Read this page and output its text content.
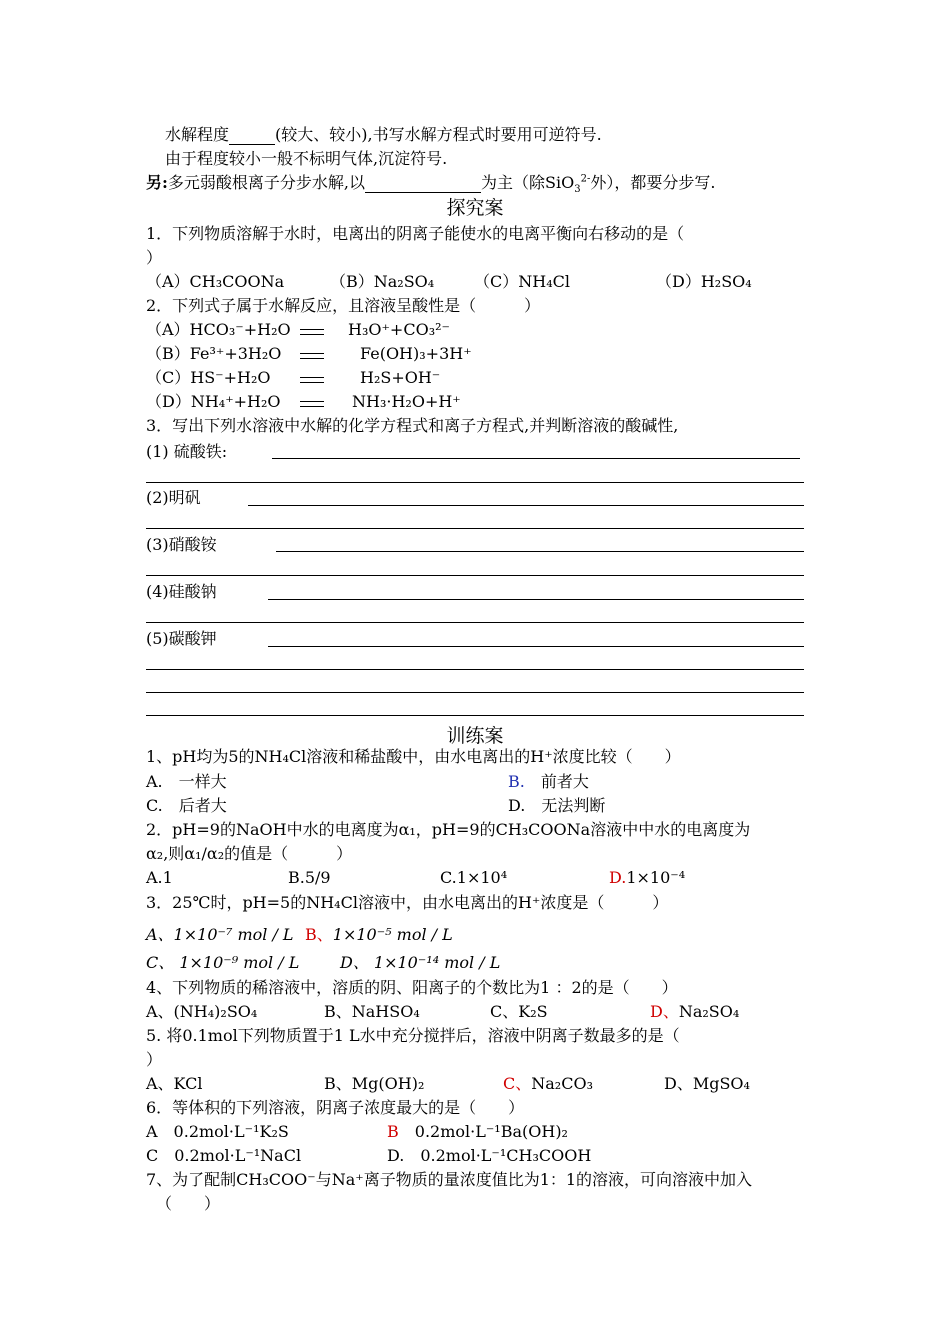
水解程度	(较大、较小),书写水解方程式时要用可逆符号.
由于程度较小一般不标明气体,沉淀符号.
另:多元弱酸根离子分步水解,以	为主（除SiO$_3^{2-}$外），都要分步写.
探究案
1．下列物质溶解于水时，电离出的阴离子能使水的电离平衡向右移动的是（
）
（A）CH₃COONa	（B）Na₂SO₄ （C）NH₄Cl	（D）H₂SO₄
2．下列式子属于水解反应，且溶液呈酸性是（　　　）
（A）HCO₃⁻+H₂O	H₃O⁺+CO₃²⁻
（B）Fe³⁺+3H₂O	Fe(OH)₃+3H⁺
（C）HS⁻+H₂O	H₂S+OH⁻
（D）NH₄⁺+H₂O	NH₃·H₂O+H⁺
3．写出下列水溶液中水解的化学方程式和离子方程式,并判断溶液的酸碱性,
(1) 硫酸铁:
(2)明矾
(3)硝酸铵
(4)硅酸钠
(5)碳酸钾
训练案
1、pH均为5的NH₄Cl溶液和稀盐酸中，由水电离出的H⁺浓度比较（　　）
A.　一样大	B.　前者大
C.　后者大	D.　无法判断
2．pH=9的NaOH中水的电离度为α₁，pH=9的CH₃COONa溶液中中水的电离度为
α₂,则α₁/α₂的值是（　　　）
A.1	B.5/9	C.1×10⁴	D.1×10⁻⁴
3．25℃时，pH=5的NH₄Cl溶液中，由水电离出的H⁺浓度是（　　　）
A、1×10⁻⁷ mol / L B、1×10⁻⁵ mol / L
C、 1×10⁻⁹ mol / L	D、 1×10⁻¹⁴ mol / L
4、下列物质的稀溶液中，溶质的阴、阳离子的个数比为1 ：2的是（　　）
A、(NH₄)₂SO₄	B、NaHSO₄	C、K₂S	D、Na₂SO₄
5. 将0.1mol下列物质置于1 L水中充分搅拌后，溶液中阴离子数最多的是（
）
A、KCl	B、Mg(OH)₂	C、Na₂CO₃	D、MgSO₄
6．等体积的下列溶液，阴离子浓度最大的是（　　）
A　0.2mol·L⁻¹K₂S	B　0.2mol·L⁻¹Ba(OH)₂
C　0.2mol·L⁻¹NaCl	D.　0.2mol·L⁻¹CH₃COOH
7、为了配制CH₃COO⁻与Na⁺离子物质的量浓度值比为1：1的溶液，可向溶液中加入
（　　）
